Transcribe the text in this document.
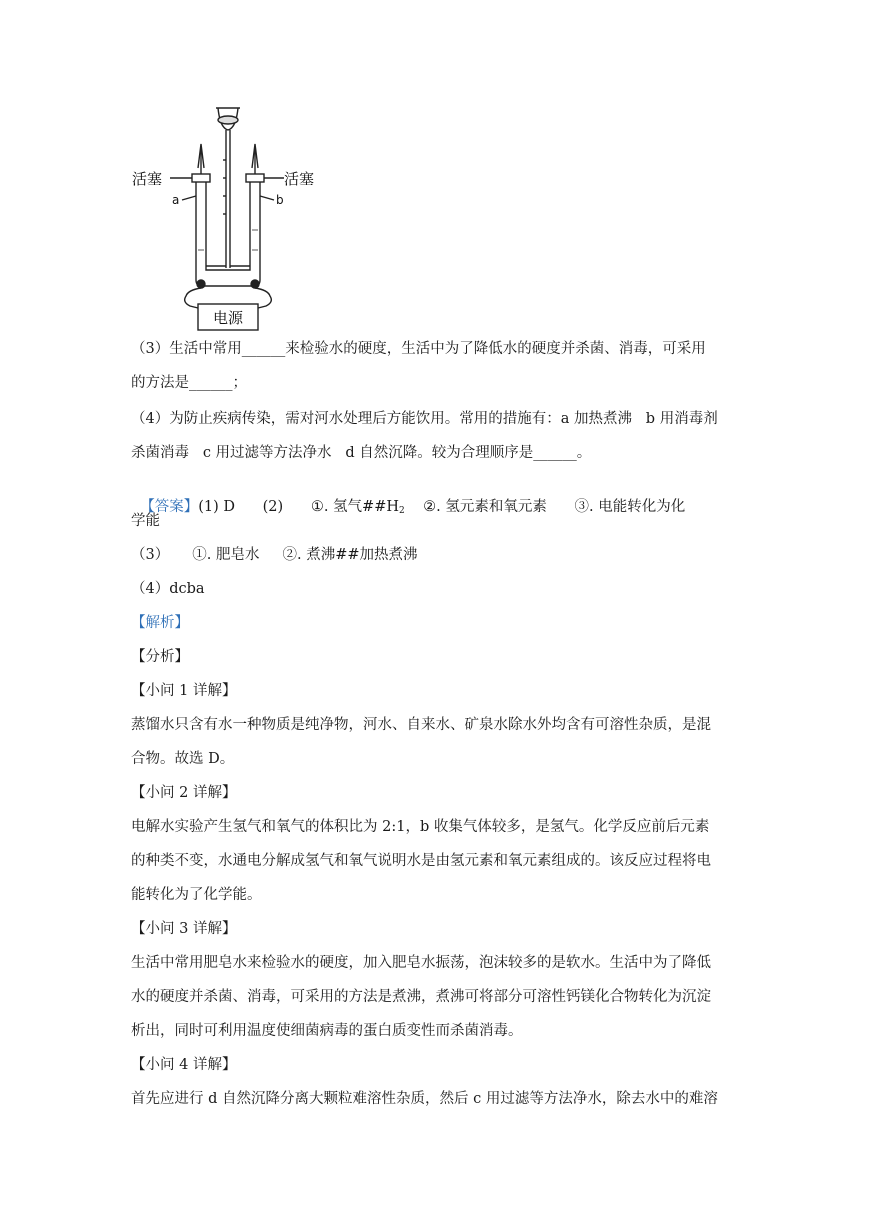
活塞	活塞
a	b
电源
（3）生活中常用______来检验水的硬度，生活中为了降低水的硬度并杀菌、消毒，可采用
的方法是______；
（4）为防止疾病传染，需对河水处理后方能饮用。常用的措施有：a 加热煮沸   b 用消毒剂
杀菌消毒   c 用过滤等方法净水   d 自然沉降。较为合理顺序是______。

【答案】(1) D      (2)      ①. 氢气$\#\#H_2$    ②. 氢元素和氧元素      ③. 电能转化为化

学能
（3）     ①. 肥皂水     ②. 煮沸##加热煮沸
（4）dcba
【解析】
【分析】
【小问 1 详解】
蒸馏水只含有水一种物质是纯净物，河水、自来水、矿泉水除水外均含有可溶性杂质，是混
合物。故选 D。
【小问 2 详解】
电解水实验产生氢气和氧气的体积比为 2:1，b 收集气体较多，是氢气。化学反应前后元素
的种类不变，水通电分解成氢气和氧气说明水是由氢元素和氧元素组成的。该反应过程将电
能转化为了化学能。
【小问 3 详解】
生活中常用肥皂水来检验水的硬度，加入肥皂水振荡，泡沫较多的是软水。生活中为了降低
水的硬度并杀菌、消毒，可采用的方法是煮沸，煮沸可将部分可溶性钙镁化合物转化为沉淀
析出，同时可利用温度使细菌病毒的蛋白质变性而杀菌消毒。
【小问 4 详解】
首先应进行 d 自然沉降分离大颗粒难溶性杂质，然后 c 用过滤等方法净水，除去水中的难溶
